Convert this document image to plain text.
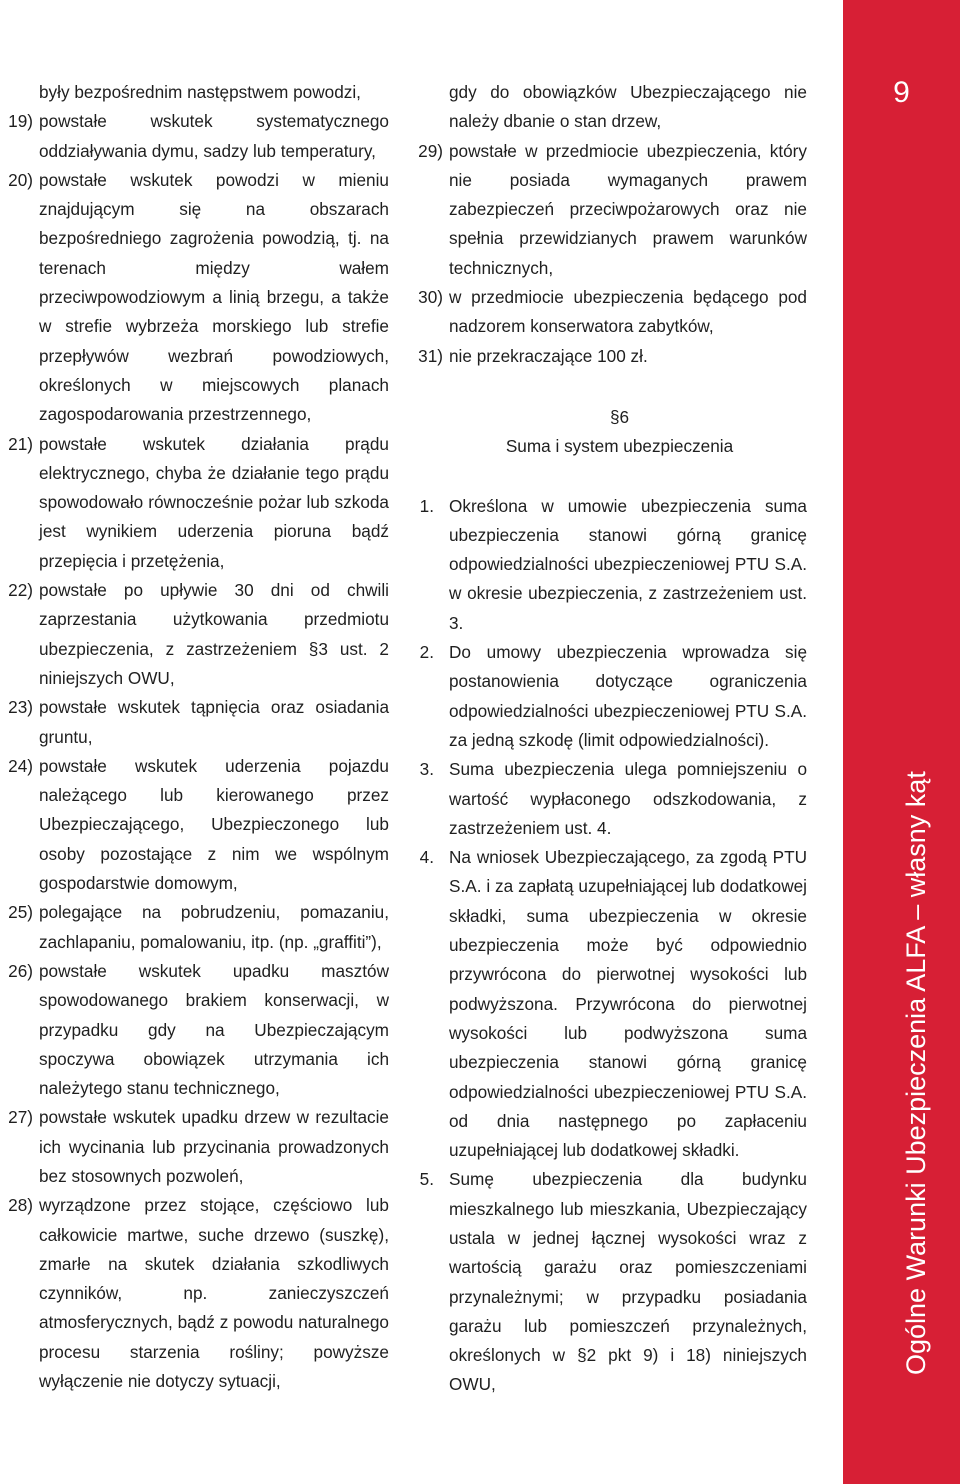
były bezpośrednim następstwem powodzi,
19) powstałe wskutek systematycznego oddziaływania dymu, sadzy lub temperatury,
20) powstałe wskutek powodzi w mieniu znajdującym się na obszarach bezpośredniego zagrożenia powodzią, tj. na terenach między wałem przeciwpowodziowym a linią brzegu, a także w strefie wybrzeża morskiego lub strefie przepływów wezbrań powodziowych, określonych w miejscowych planach zagospodarowania przestrzennego,
21) powstałe wskutek działania prądu elektrycznego, chyba że działanie tego prądu spowodowało równocześnie pożar lub szkoda jest wynikiem uderzenia pioruna bądź przepięcia i przetężenia,
22) powstałe po upływie 30 dni od chwili zaprzestania użytkowania przedmiotu ubezpieczenia, z zastrzeżeniem §3 ust. 2 niniejszych OWU,
23) powstałe wskutek tąpnięcia oraz osiadania gruntu,
24) powstałe wskutek uderzenia pojazdu należącego lub kierowanego przez Ubezpieczającego, Ubezpieczonego lub osoby pozostające z nim we wspólnym gospodarstwie domowym,
25) polegające na pobrudzeniu, pomazaniu, zachlapaniu, pomalowaniu, itp. (np. „graffiti”),
26) powstałe wskutek upadku masztów spowodowanego brakiem konserwacji, w przypadku gdy na Ubezpieczającym spoczywa obowiązek utrzymania ich należytego stanu technicznego,
27) powstałe wskutek upadku drzew w rezultacie ich wycinania lub przycinania prowadzonych bez stosownych pozwoleń,
28) wyrządzone przez stojące, częściowo lub całkowicie martwe, suche drzewo (suszkę), zmarłe na skutek działania szkodliwych czynników, np. zanieczyszczeń atmosferycznych, bądź z powodu naturalnego procesu starzenia rośliny; powyższe wyłączenie nie dotyczy sytuacji,
gdy do obowiązków Ubezpieczającego nie należy dbanie o stan drzew,
29) powstałe w przedmiocie ubezpieczenia, który nie posiada wymaganych prawem zabezpieczeń przeciwpożarowych oraz nie spełnia przewidzianych prawem warunków technicznych,
30) w przedmiocie ubezpieczenia będącego pod nadzorem konserwatora zabytków,
31) nie przekraczające 100 zł.
§6
Suma i system ubezpieczenia
1. Określona w umowie ubezpieczenia suma ubezpieczenia stanowi górną granicę odpowiedzialności ubezpieczeniowej PTU S.A. w okresie ubezpieczenia, z zastrzeżeniem ust. 3.
2. Do umowy ubezpieczenia wprowadza się postanowienia dotyczące ograniczenia odpowiedzialności ubezpieczeniowej PTU S.A. za jedną szkodę (limit odpowiedzialności).
3. Suma ubezpieczenia ulega pomniejszeniu o wartość wypłaconego odszkodowania, z zastrzeżeniem ust. 4.
4. Na wniosek Ubezpieczającego, za zgodą PTU S.A. i za zapłatą uzupełniającej lub dodatkowej składki, suma ubezpieczenia w okresie ubezpieczenia może być odpowiednio przywrócona do pierwotnej wysokości lub podwyższona. Przywrócona do pierwotnej wysokości lub podwyższona suma ubezpieczenia stanowi górną granicę odpowiedzialności ubezpieczeniowej PTU S.A. od dnia następnego po zapłaceniu uzupełniającej lub dodatkowej składki.
5. Sumę ubezpieczenia dla budynku mieszkalnego lub mieszkania, Ubezpieczający ustala w jednej łącznej wysokości wraz z wartością garażu oraz pomieszczeniami przynależnymi; w przypadku posiadania garażu lub pomieszczeń przynależnych, określonych w §2 pkt 9) i 18) niniejszych OWU,
9
Ogólne Warunki Ubezpieczenia ALFA – własny kąt
